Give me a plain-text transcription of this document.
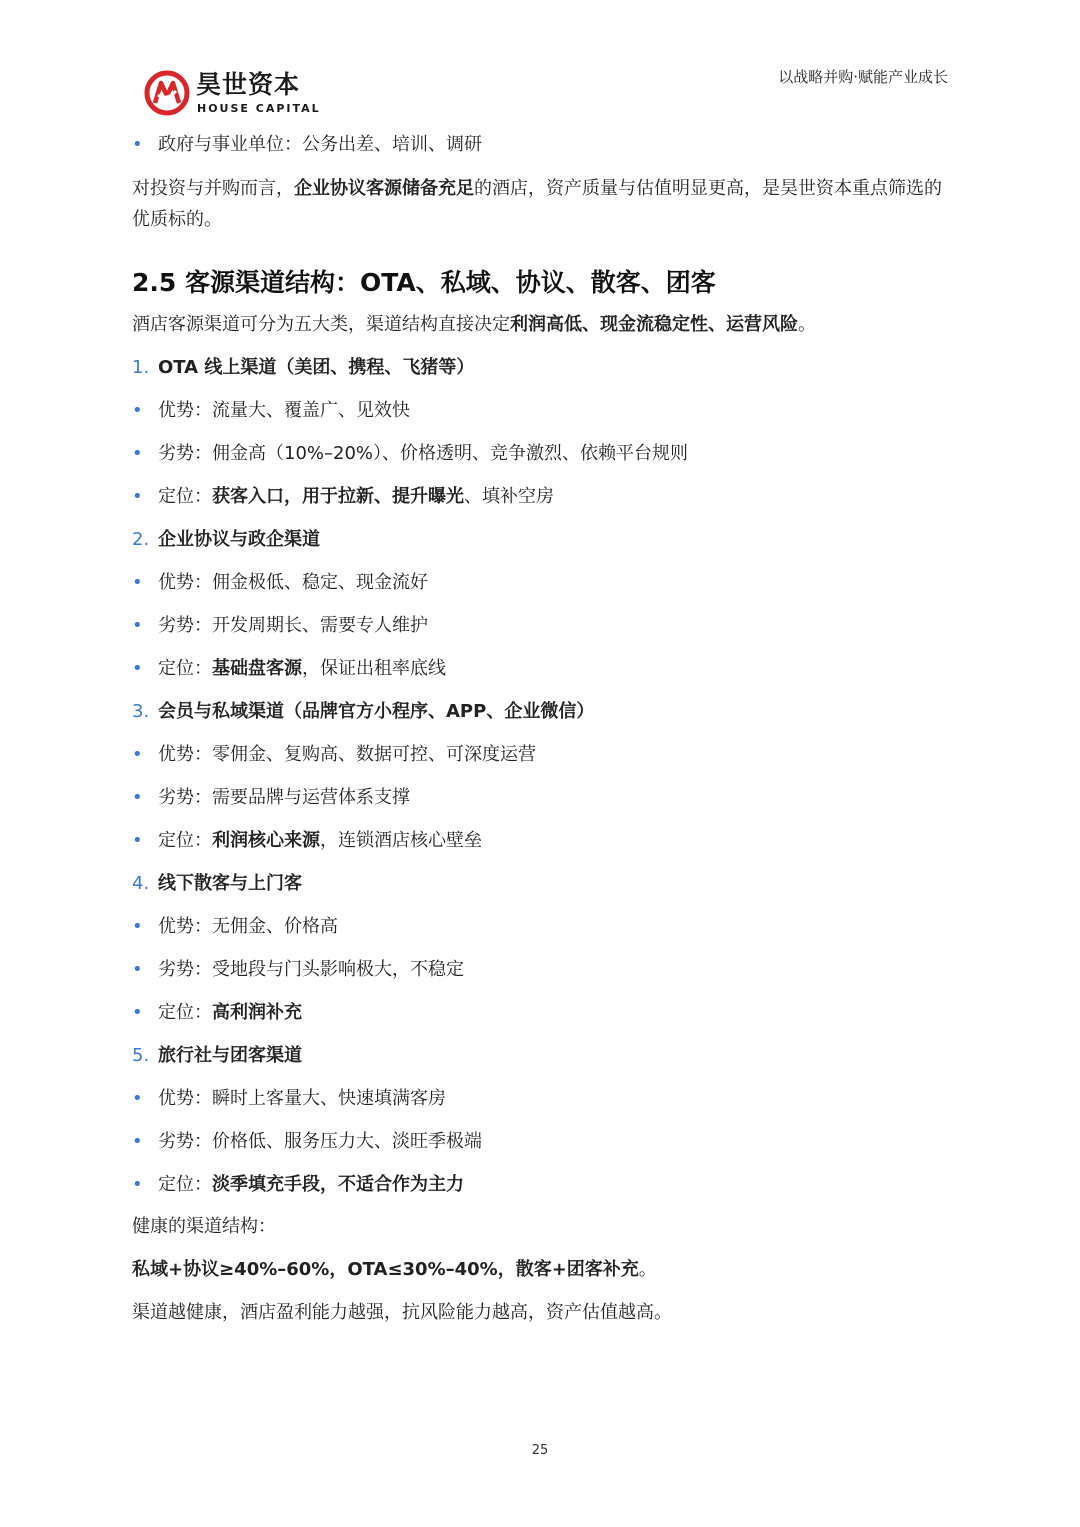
昊世资本
HOUSE CAPITAL
以战略并购·赋能产业成长
• 政府与事业单位：公务出差、培训、调研
对投资与并购而言，企业协议客源储备充足的酒店，资产质量与估值明显更高，是昊世资本重点筛选的优质标的。
2.5 客源渠道结构：OTA、私域、协议、散客、团客
酒店客源渠道可分为五大类，渠道结构直接决定利润高低、现金流稳定性、运营风险。
1. OTA 线上渠道（美团、携程、飞猪等）
• 优势：流量大、覆盖广、见效快
• 劣势：佣金高（10%–20%）、价格透明、竞争激烈、依赖平台规则
• 定位：获客入口，用于拉新、提升曝光、填补空房
2. 企业协议与政企渠道
• 优势：佣金极低、稳定、现金流好
• 劣势：开发周期长、需要专人维护
• 定位：基础盘客源，保证出租率底线
3. 会员与私域渠道（品牌官方小程序、APP、企业微信）
• 优势：零佣金、复购高、数据可控、可深度运营
• 劣势：需要品牌与运营体系支撑
• 定位：利润核心来源，连锁酒店核心壁垒
4. 线下散客与上门客
• 优势：无佣金、价格高
• 劣势：受地段与门头影响极大，不稳定
• 定位：高利润补充
5. 旅行社与团客渠道
• 优势：瞬时上客量大、快速填满客房
• 劣势：价格低、服务压力大、淡旺季极端
• 定位：淡季填充手段，不适合作为主力
健康的渠道结构：
私域+协议≥40%–60%，OTA≤30%–40%，散客+团客补充。
渠道越健康，酒店盈利能力越强，抗风险能力越高，资产估值越高。
25
